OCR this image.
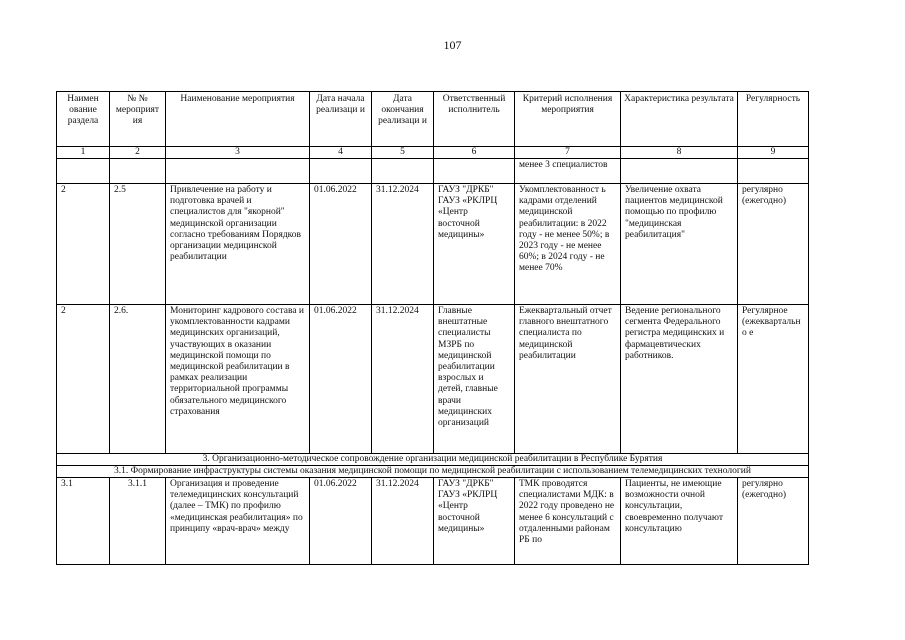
107
Наимен ование раздела	№ № мероприят ия	Наименование мероприятия	Дата начала реализаци и	Дата окончания реализаци и	Ответственный исполнитель	Критерий исполнения мероприятия	Характеристика результата	Регулярность
1	2	3	4	5	6	7	8	9
						менее 3 специалистов		
2	2.5	Привлечение на работу и подготовка врачей и специалистов для "якорной" медицинской организации согласно требованиям Порядков организации медицинской реабилитации	01.06.2022	31.12.2024	ГАУЗ "ДРКБ" ГАУЗ «РКЛРЦ «Центр восточной медицины»	Укомплектованност ь кадрами отделений медицинской реабилитации: в 2022 году - не менее 50%; в 2023 году - не менее 60%; в 2024 году - не менее 70%	Увеличение охвата пациентов медицинской помощью по профилю "медицинская реабилитация"	регулярно (ежегодно)
2	2.6.	Мониторинг кадрового состава и укомплектованности кадрами медицинских организаций, участвующих в оказании медицинской помощи по медицинской реабилитации в рамках реализации территориальной программы обязательного медицинского страхования	01.06.2022	31.12.2024	Главные внештатные специалисты МЗРБ по медицинской реабилитации взрослых и детей, главные врачи медицинских организаций	Ежеквартальный отчет главного внештатного специалиста по медицинской реабилитации	Ведение регионального сегмента Федерального регистра медицинских и фармацевтических работников.	Регулярное (ежеквартально е
3. Организационно-методическое сопровождение организации медицинской реабилитации в Республике Бурятия								
3.1. Формирование инфраструктуры системы оказания медицинской помощи по медицинской реабилитации с использованием телемедицинских технологий								
3.1	3.1.1	Организация и проведение телемедицинских консультаций (далее – ТМК) по профилю «медицинская реабилитация» по принципу «врач-врач» между	01.06.2022	31.12.2024	ГАУЗ "ДРКБ" ГАУЗ «РКЛРЦ «Центр восточной медицины»	ТМК проводятся специалистами МДК: в 2022 году проведено не менее 6 консультаций с отдаленными районам РБ по	Пациенты, не имеющие возможности очной консультации, своевременно получают консультацию	регулярно (ежегодно)
